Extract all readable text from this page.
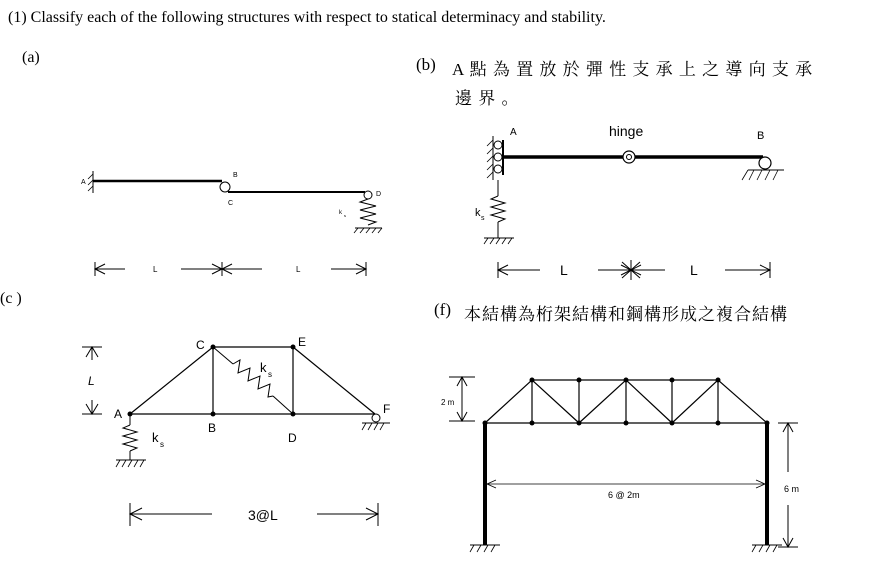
(1) Classify each of the following structures with respect to statical determinacy and stability.
(a)	(b) A 點 為 置 放 於 彈 性 支 承 上 之 導 向 支 承
邊 界 。
(c )
(f) 本結構為桁架結構和鋼構形成之複合結構
A
B
C
D
k s
L	L
A	B
hinge
k s
L	L
A
B
C
D
E
F
k s
k s
L
3@L
2 m
6 @ 2m
6 m
